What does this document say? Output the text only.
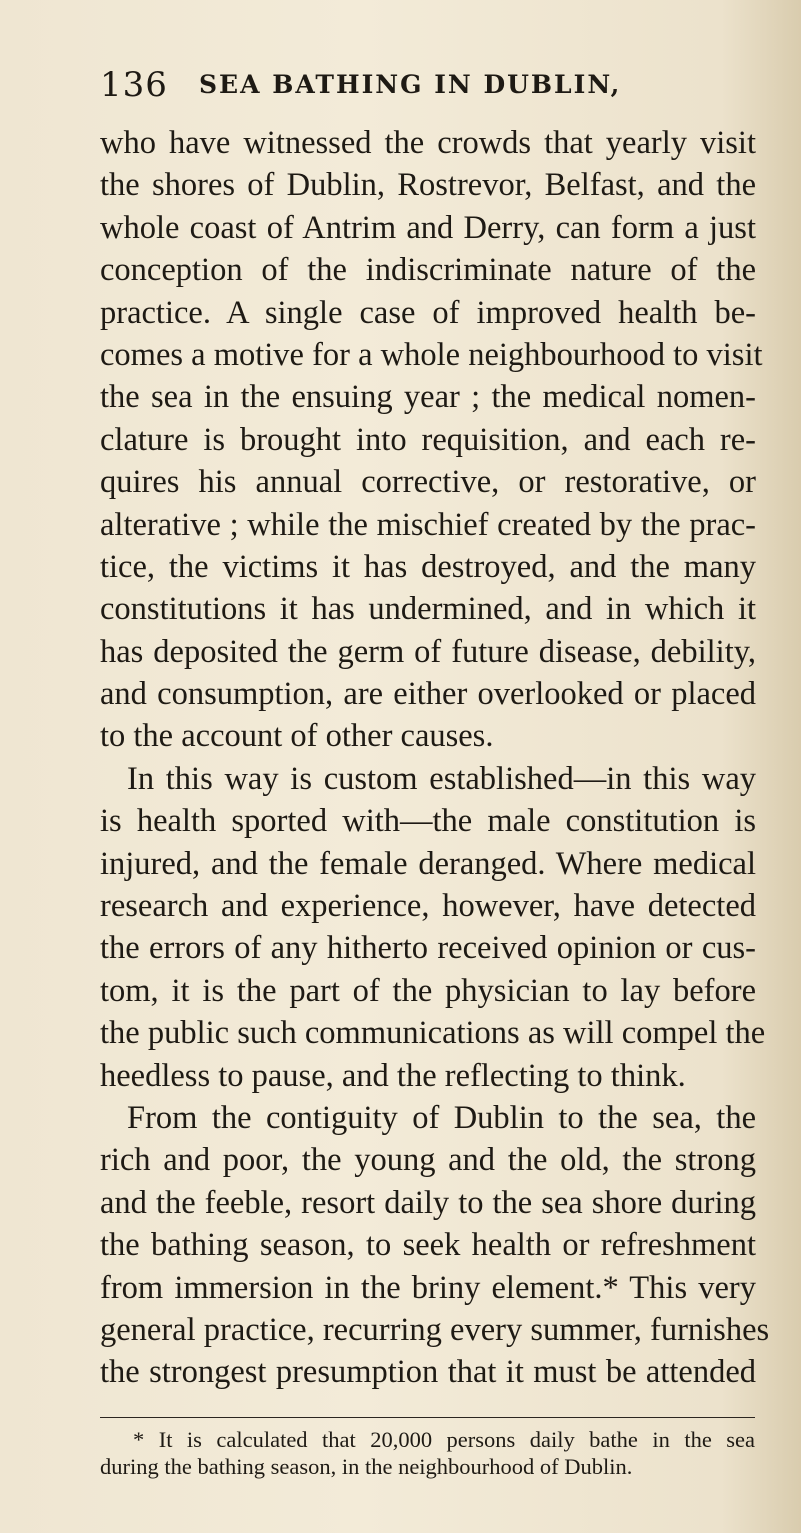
136 SEA BATHING IN DUBLIN,
who have witnessed the crowds that yearly visit
the shores of Dublin, Rostrevor, Belfast, and the
whole coast of Antrim and Derry, can form a just
conception of the indiscriminate nature of the
practice. A single case of improved health be-
comes a motive for a whole neighbourhood to visit
the sea in the ensuing year ; the medical nomen-
clature is brought into requisition, and each re-
quires his annual corrective, or restorative, or
alterative ; while the mischief created by the prac-
tice, the victims it has destroyed, and the many
constitutions it has undermined, and in which it
has deposited the germ of future disease, debility,
and consumption, are either overlooked or placed
to the account of other causes.
In this way is custom established—in this way
is health sported with—the male constitution is
injured, and the female deranged. Where medical
research and experience, however, have detected
the errors of any hitherto received opinion or cus-
tom, it is the part of the physician to lay before
the public such communications as will compel the
heedless to pause, and the reflecting to think.
From the contiguity of Dublin to the sea, the
rich and poor, the young and the old, the strong
and the feeble, resort daily to the sea shore during
the bathing season, to seek health or refreshment
from immersion in the briny element.* This very
general practice, recurring every summer, furnishes
the strongest presumption that it must be attended
* It is calculated that 20,000 persons daily bathe in the sea
during the bathing season, in the neighbourhood of Dublin.
